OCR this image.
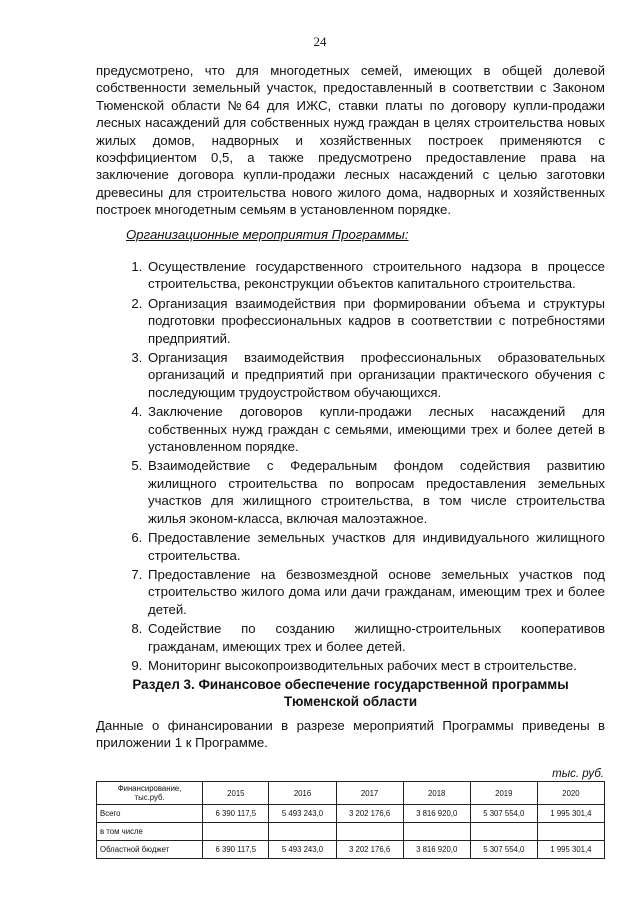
24
предусмотрено, что для многодетных семей, имеющих в общей долевой собственности земельный участок, предоставленный в соответствии с Законом Тюменской области №64 для ИЖС, ставки платы по договору купли-продажи лесных насаждений для собственных нужд граждан в целях строительства новых жилых домов, надворных и хозяйственных построек применяются с коэффициентом 0,5, а также предусмотрено предоставление права на заключение договора купли-продажи лесных насаждений с целью заготовки древесины для строительства нового жилого дома, надворных и хозяйственных построек многодетным семьям в установленном порядке.
Организационные мероприятия Программы:
1. Осуществление государственного строительного надзора в процессе строительства, реконструкции объектов капитального строительства.
2. Организация взаимодействия при формировании объема и структуры подготовки профессиональных кадров в соответствии с потребностями предприятий.
3. Организация взаимодействия профессиональных образовательных организаций и предприятий при организации практического обучения с последующим трудоустройством обучающихся.
4. Заключение договоров купли-продажи лесных насаждений для собственных нужд граждан с семьями, имеющими трех и более детей в установленном порядке.
5. Взаимодействие с Федеральным фондом содействия развитию жилищного строительства по вопросам предоставления земельных участков для жилищного строительства, в том числе строительства жилья эконом-класса, включая малоэтажное.
6. Предоставление земельных участков для индивидуального жилищного строительства.
7. Предоставление на безвозмездной основе земельных участков под строительство жилого дома или дачи гражданам, имеющим трех и более детей.
8. Содействие по созданию жилищно-строительных кооперативов гражданам, имеющих трех и более детей.
9. Мониторинг высокопроизводительных рабочих мест в строительстве.
Раздел 3. Финансовое обеспечение государственной программы
Тюменской области
Данные о финансировании в разрезе мероприятий Программы приведены в приложении 1 к Программе.
тыс. руб.
Финансирование,
тыс.руб.	2015	2016	2017	2018	2019	2020
Всего	6 390 117,5	5 493 243,0	3 202 176,6	3 816 920,0	5 307 554,0	1 995 301,4
в том числе						
Областной бюджет	6 390 117,5	5 493 243,0	3 202 176,6	3 816 920,0	5 307 554,0	1 995 301,4
